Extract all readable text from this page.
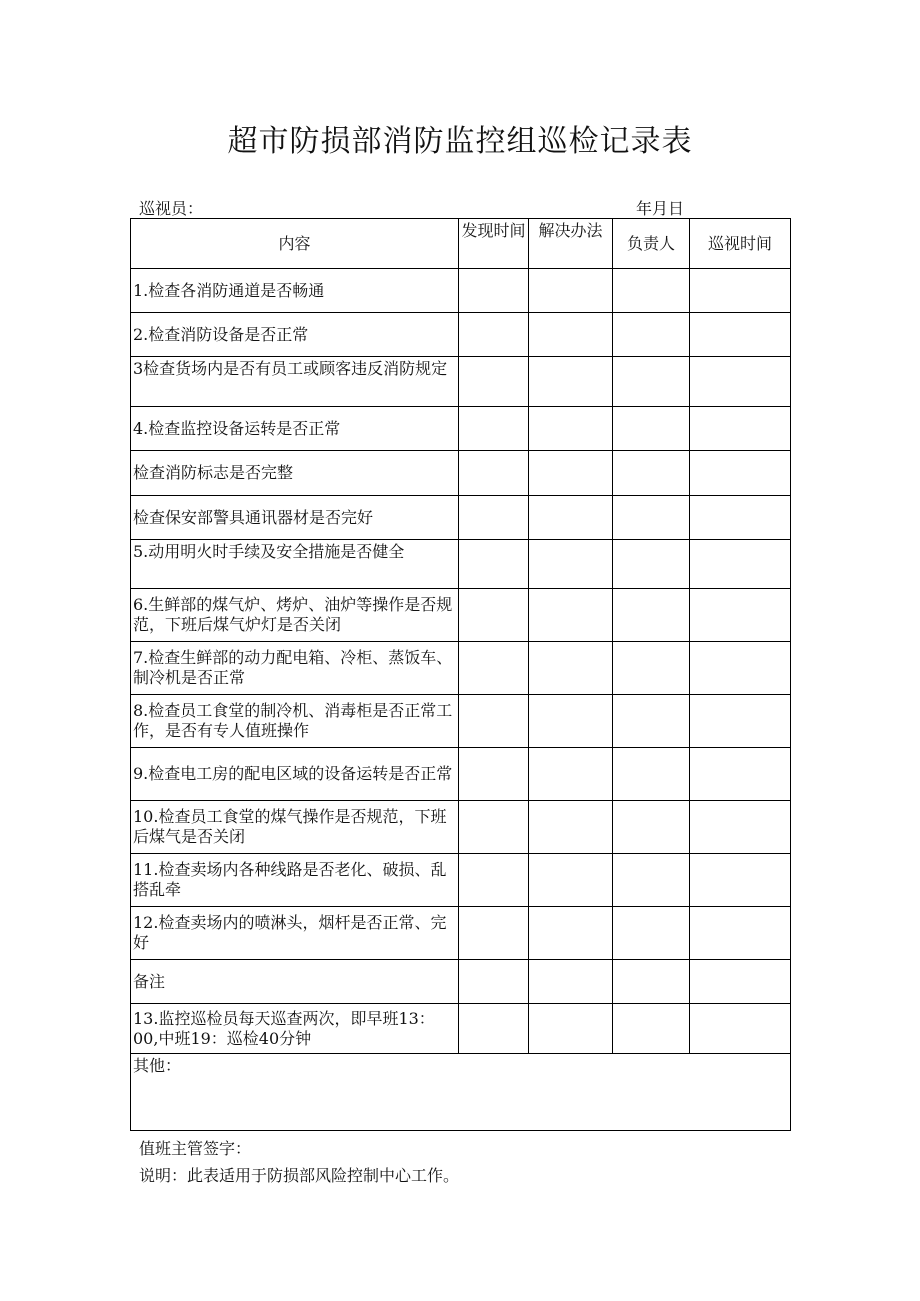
超市防损部消防监控组巡检记录表
巡视员：	年月日
内容	发现时间	解决办法	负责人	巡视时间
1.检查各消防通道是否畅通				
2.检查消防设备是否正常				
3检查货场内是否有员工或顾客违反消防规定				
4.检查监控设备运转是否正常				
检查消防标志是否完整				
检查保安部警具通讯器材是否完好				
5.动用明火时手续及安全措施是否健全				
6.生鲜部的煤气炉、烤炉、油炉等操作是否规范，下班后煤气炉灯是否关闭				
7.检查生鲜部的动力配电箱、冷柜、蒸饭车、制冷机是否正常				
8.检查员工食堂的制冷机、消毒柜是否正常工作，是否有专人值班操作				
9.检查电工房的配电区域的设备运转是否正常				
10.检查员工食堂的煤气操作是否规范，下班后煤气是否关闭				
11.检查卖场内各种线路是否老化、破损、乱搭乱牵				
12.检查卖场内的喷淋头，烟杆是否正常、完好				
备注				
13.监控巡检员每天巡查两次，即早班13：00,中班19：巡检40分钟				
其他：				
值班主管签字：
说明：此表适用于防损部风险控制中心工作。
